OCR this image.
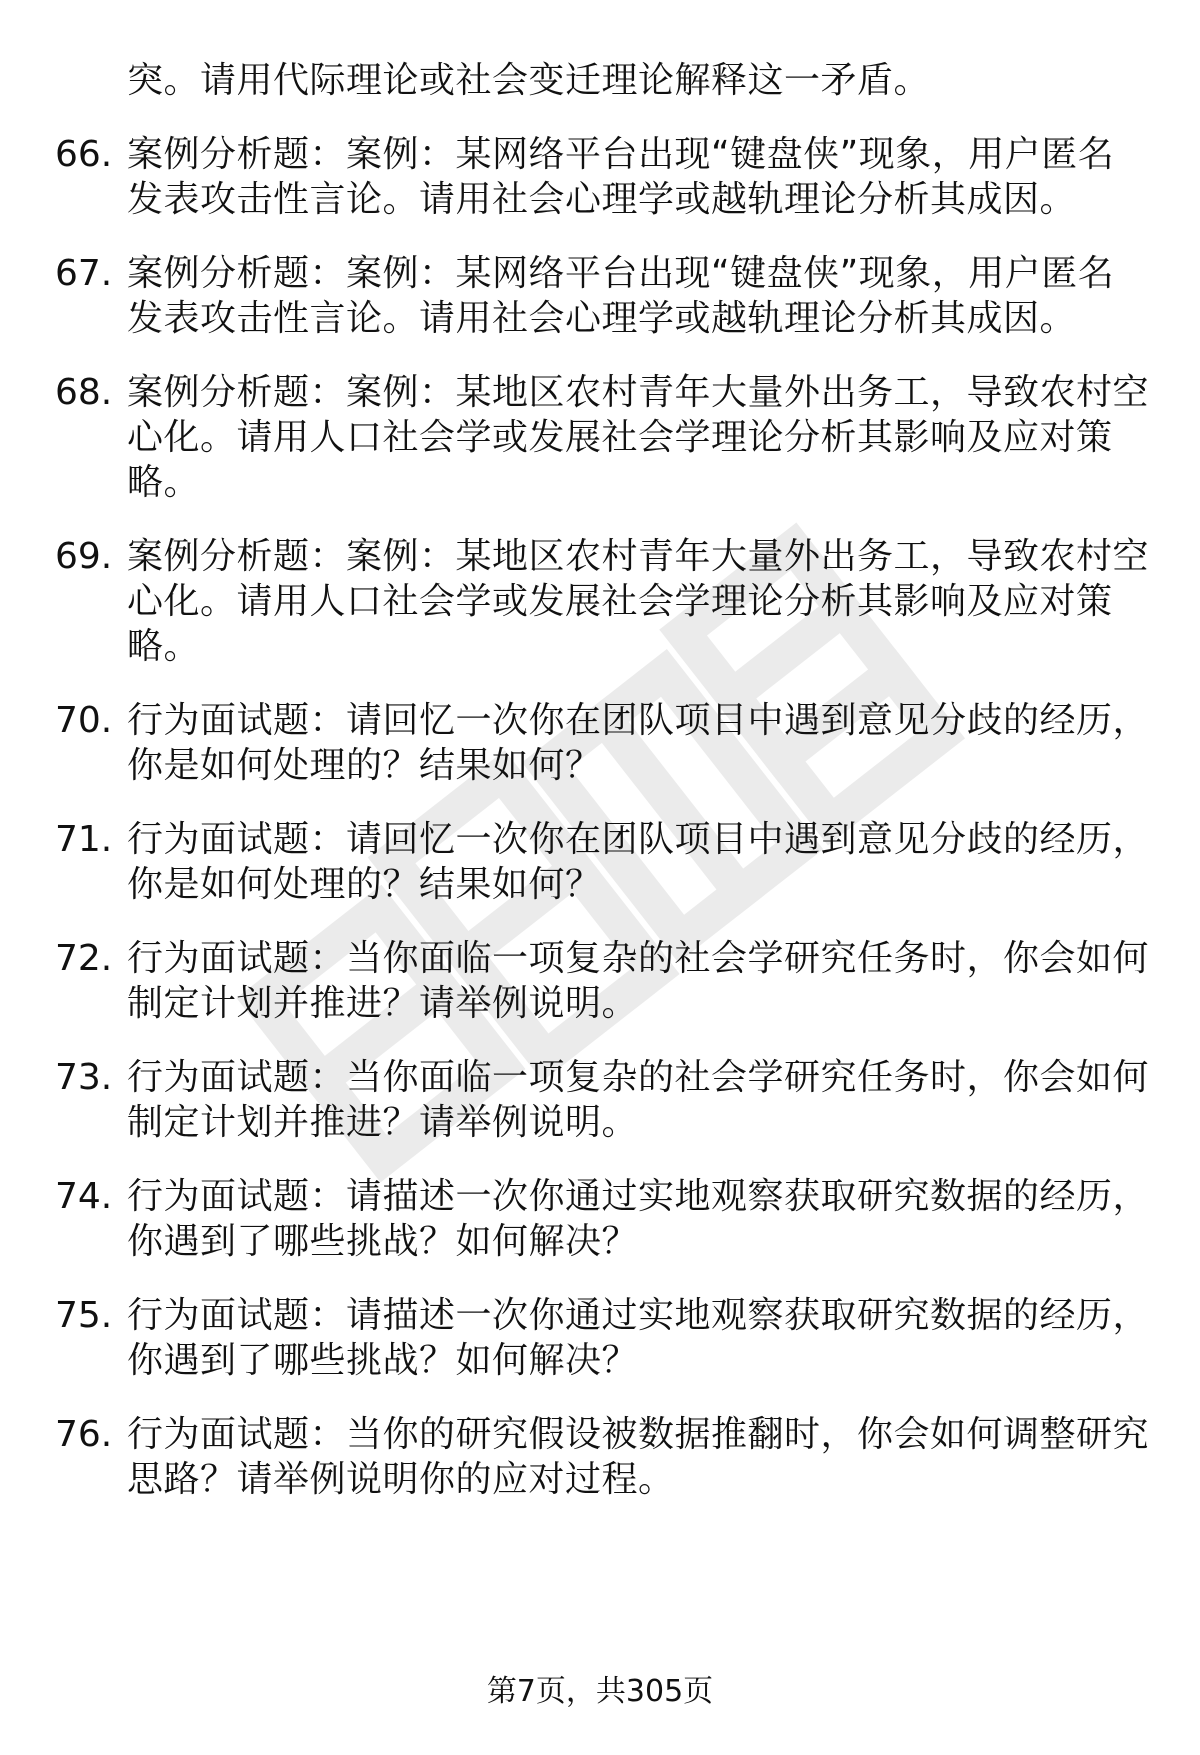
突。请用代际理论或社会变迁理论解释这一矛盾。
66. 案例分析题：案例：某网络平台出现“键盘侠”现象，用户匿名
发表攻击性言论。请用社会心理学或越轨理论分析其成因。
67. 案例分析题：案例：某网络平台出现“键盘侠”现象，用户匿名
发表攻击性言论。请用社会心理学或越轨理论分析其成因。
68. 案例分析题：案例：某地区农村青年大量外出务工，导致农村空
心化。请用人口社会学或发展社会学理论分析其影响及应对策
略。
69. 案例分析题：案例：某地区农村青年大量外出务工，导致农村空
心化。请用人口社会学或发展社会学理论分析其影响及应对策
略。
70. 行为面试题：请回忆一次你在团队项目中遇到意见分歧的经历，
你是如何处理的？结果如何？
71. 行为面试题：请回忆一次你在团队项目中遇到意见分歧的经历，
你是如何处理的？结果如何？
72. 行为面试题：当你面临一项复杂的社会学研究任务时，你会如何
制定计划并推进？请举例说明。
73. 行为面试题：当你面临一项复杂的社会学研究任务时，你会如何
制定计划并推进？请举例说明。
74. 行为面试题：请描述一次你通过实地观察获取研究数据的经历，
你遇到了哪些挑战？如何解决？
75. 行为面试题：请描述一次你通过实地观察获取研究数据的经历，
你遇到了哪些挑战？如何解决？
76. 行为面试题：当你的研究假设被数据推翻时，你会如何调整研究
思路？请举例说明你的应对过程。
第7页，共305页
